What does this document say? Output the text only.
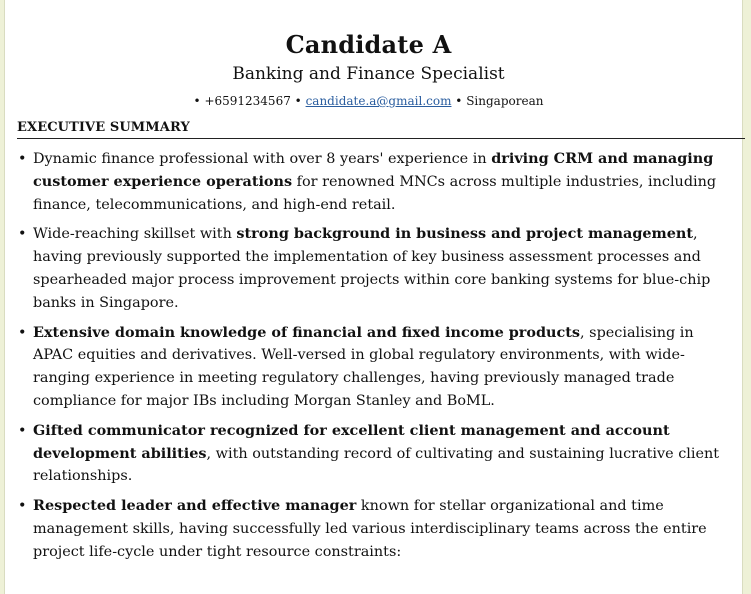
Candidate A
Banking and Finance Specialist
• +6591234567 • candidate.a@gmail.com • Singaporean
EXECUTIVE SUMMARY
• Dynamic finance professional with over 8 years' experience in driving CRM and managing customer experience operations for renowned MNCs across multiple industries, including finance, telecommunications, and high-end retail.
• Wide-reaching skillset with strong background in business and project management, having previously supported the implementation of key business assessment processes and spearheaded major process improvement projects within core banking systems for blue-chip banks in Singapore.
• Extensive domain knowledge of financial and fixed income products, specialising in APAC equities and derivatives. Well-versed in global regulatory environments, with wide-ranging experience in meeting regulatory challenges, having previously managed trade compliance for major IBs including Morgan Stanley and BoML.
• Gifted communicator recognized for excellent client management and account development abilities, with outstanding record of cultivating and sustaining lucrative client relationships.
• Respected leader and effective manager known for stellar organizational and time management skills, having successfully led various interdisciplinary teams across the entire project life-cycle under tight resource constraints:
